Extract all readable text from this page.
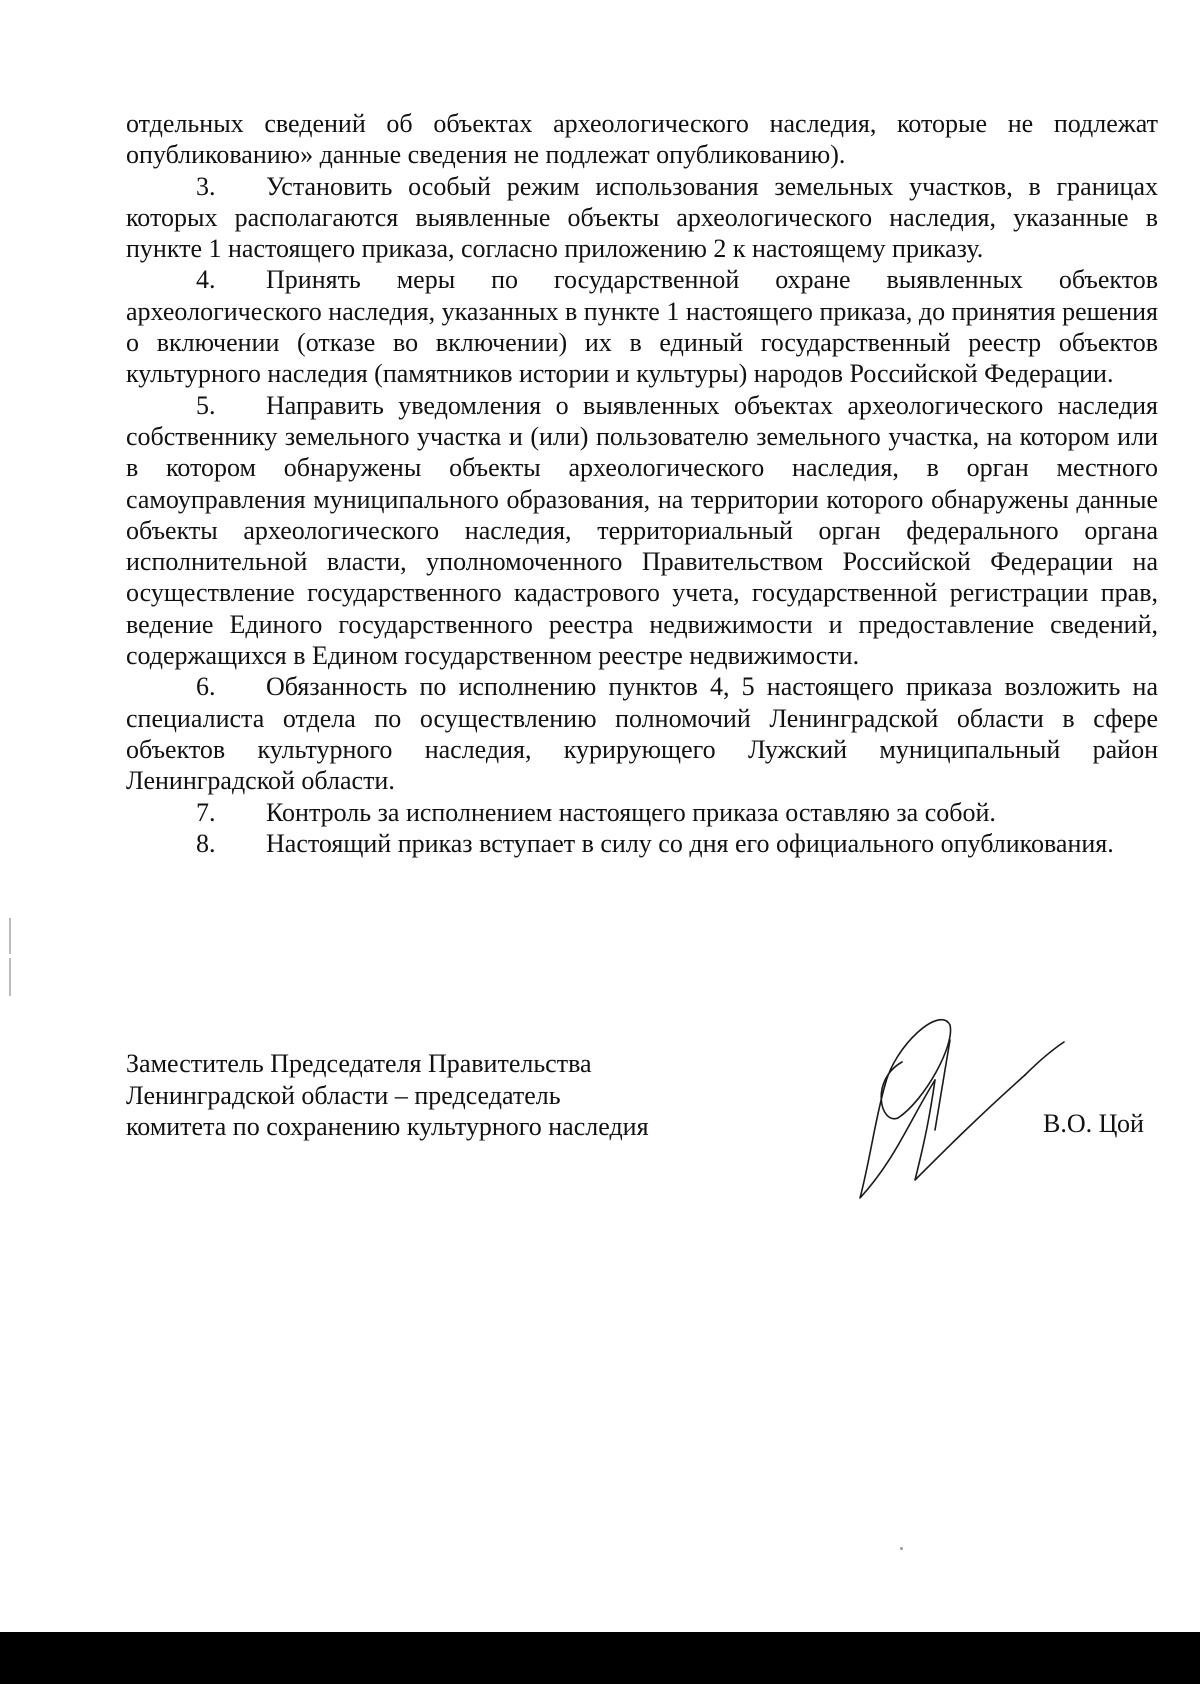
отдельных сведений об объектах археологического наследия, которые не подлежат опубликованию» данные сведения не подлежат опубликованию).

3. Установить особый режим использования земельных участков, в границах которых располагаются выявленные объекты археологического наследия, указанные в пункте 1 настоящего приказа, согласно приложению 2 к настоящему приказу.

4. Принять меры по государственной охране выявленных объектов археологического наследия, указанных в пункте 1 настоящего приказа, до принятия решения о включении (отказе во включении) их в единый государственный реестр объектов культурного наследия (памятников истории и культуры) народов Российской Федерации.

5. Направить уведомления о выявленных объектах археологического наследия собственнику земельного участка и (или) пользователю земельного участка, на котором или в котором обнаружены объекты археологического наследия, в орган местного самоуправления муниципального образования, на территории которого обнаружены данные объекты археологического наследия, территориальный орган федерального органа исполнительной власти, уполномоченного Правительством Российской Федерации на осуществление государственного кадастрового учета, государственной регистрации прав, ведение Единого государственного реестра недвижимости и предоставление сведений, содержащихся в Едином государственном реестре недвижимости.

6. Обязанность по исполнению пунктов 4, 5 настоящего приказа возложить на специалиста отдела по осуществлению полномочий Ленинградской области в сфере объектов культурного наследия, курирующего Лужский муниципальный район Ленинградской области.

7. Контроль за исполнением настоящего приказа оставляю за собой.

8. Настоящий приказ вступает в силу со дня его официального опубликования.

Заместитель Председателя Правительства
Ленинградской области – председатель
комитета по сохранению культурного наследия	В.О. Цой
